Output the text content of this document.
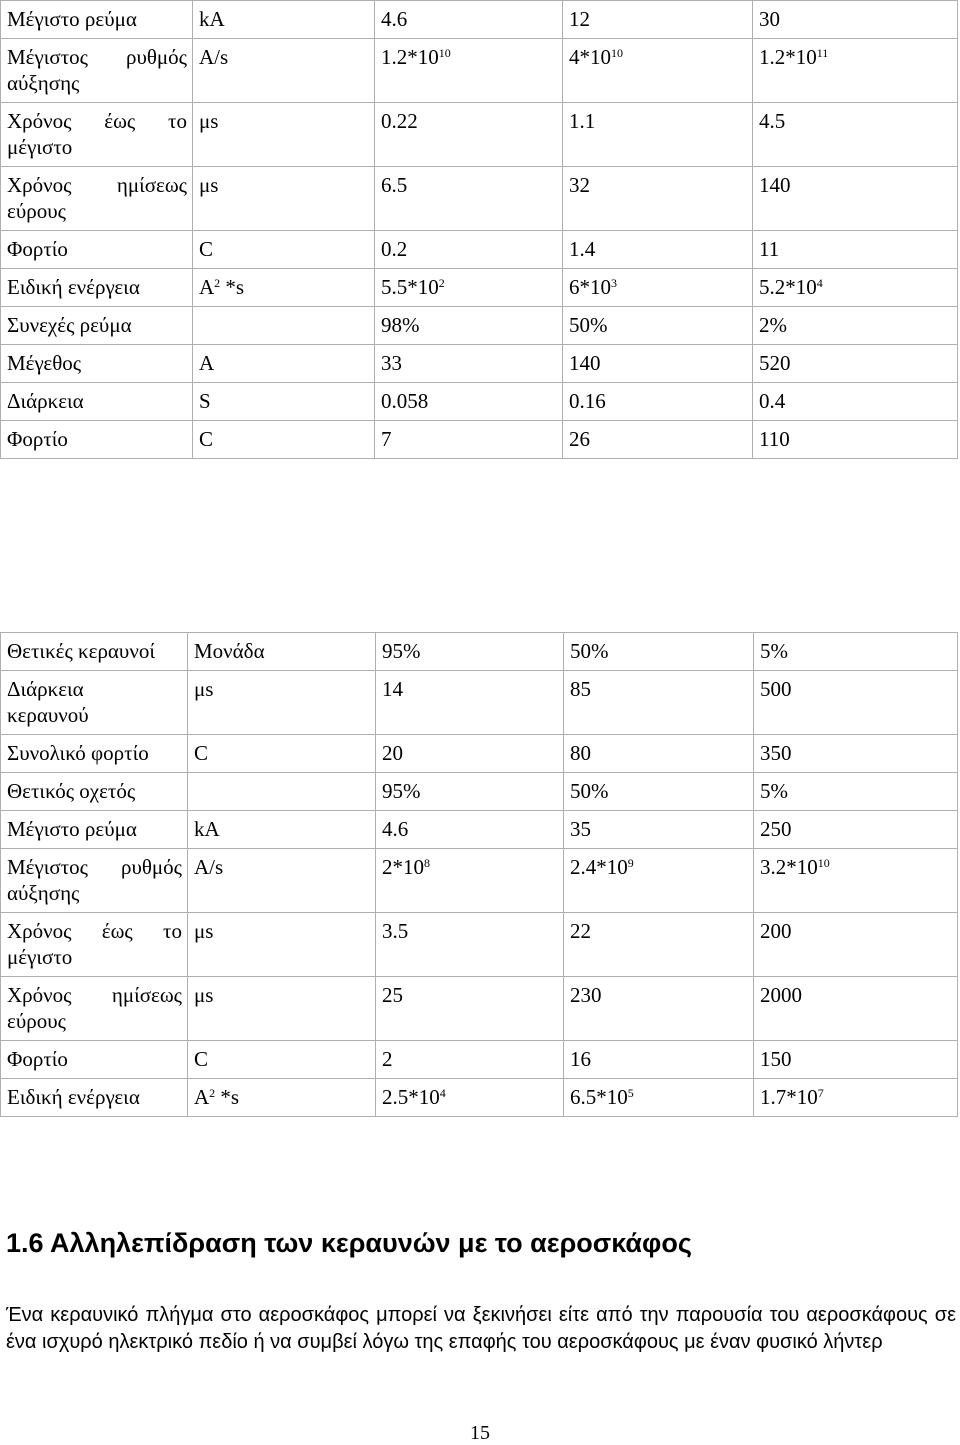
Μέγιστο ρεύμα	kA	4.6	12	30

Μέγιστος ρυθμός
αύξησης	A/s	$1.2*10^{10}$	$4*10^{10}$	$1.2*10^{11}$

Χρόνος έως το
μέγιστο	μs	0.22	1.1	4.5

Χρόνος ημίσεως
εύρους	μs	6.5	32	140
Φορτίο	C	0.2	1.4	11
Ειδική ενέργεια	$A^2$ *s	$5.5*10^2$	$6*10^3$	$5.2*10^4$
Συνεχές ρεύμα		98%	50%	2%
Μέγεθος	A	33	140	520
Διάρκεια	S	0.058	0.16	0.4
Φορτίο	C	7	26	110
Θετικές κεραυνοί	Μονάδα	95%	50%	5%

Διάρκεια
κεραυνού	μs	14	85	500
Συνολικό φορτίο	C	20	80	350
Θετικός οχετός		95%	50%	5%
Μέγιστο ρεύμα	kA	4.6	35	250

Μέγιστος ρυθμός
αύξησης	A/s	$2*10^8$	$2.4*10^9$	$3.2*10^{10}$

Χρόνος έως το
μέγιστο	μs	3.5	22	200

Χρόνος ημίσεως
εύρους	μs	25	230	2000
Φορτίο	C	2	16	150
Ειδική ενέργεια	$A^2$ *s	$2.5*10^4$	$6.5*10^5$	$1.7*10^7$
1.6 Αλληλεπίδραση των κεραυνών με το αεροσκάφος

Ένα κεραυνικό πλήγμα στο αεροσκάφος μπορεί να ξεκινήσει είτε από την παρουσία του αεροσκάφους σε ένα ισχυρό ηλεκτρικό πεδίο ή να συμβεί λόγω της επαφής του αεροσκάφους με έναν φυσικό λήντερ

15
